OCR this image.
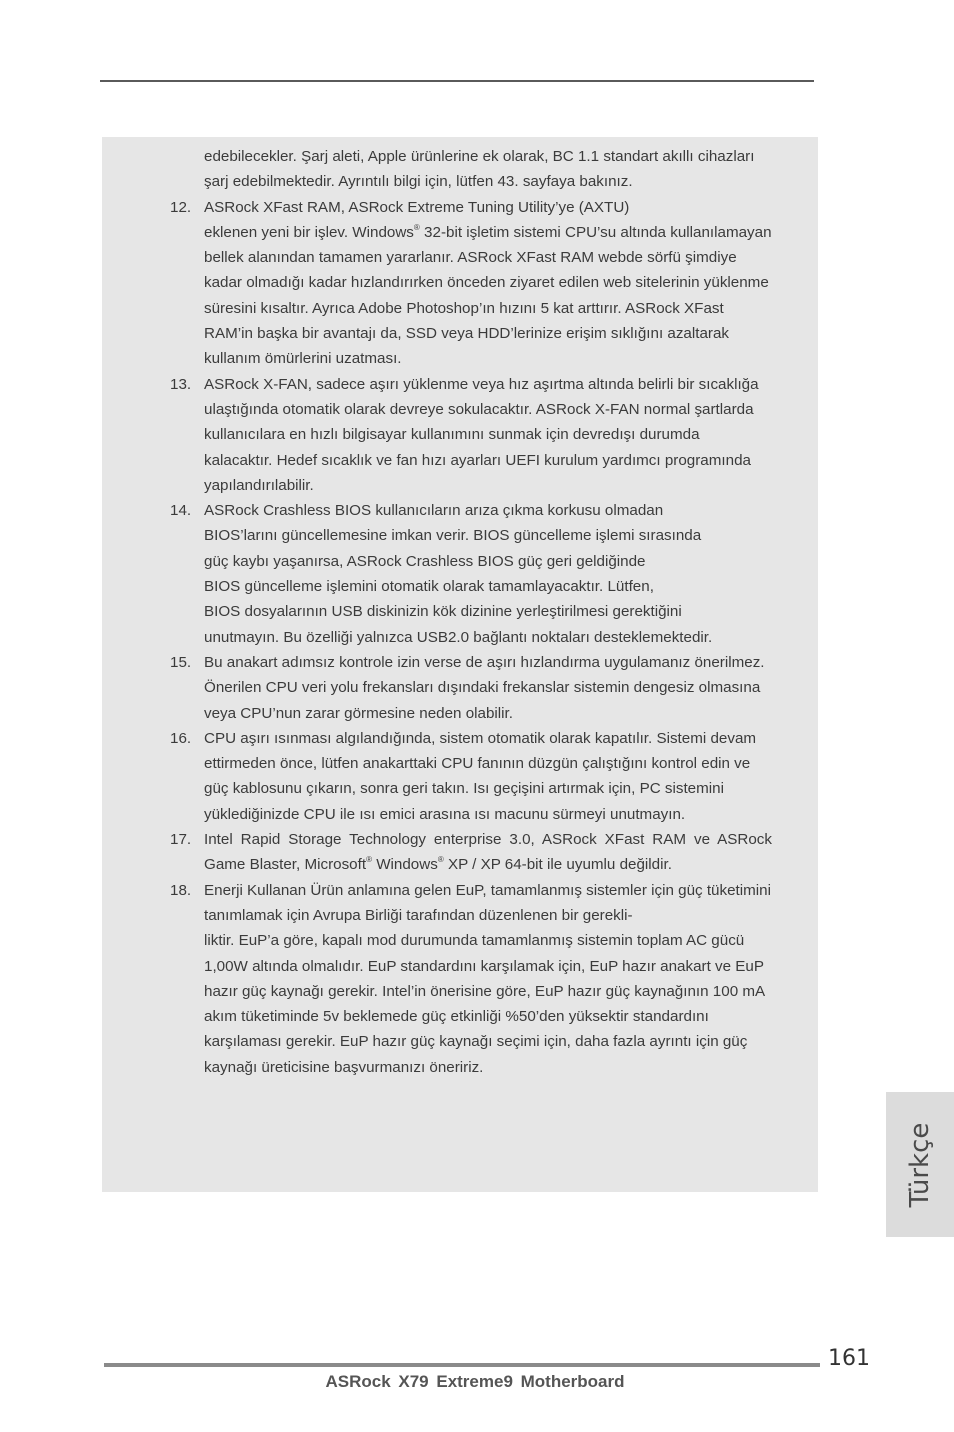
edebilecekler. Şarj aleti, Apple ürünlerine ek olarak, BC 1.1 standart akıllı cihazları şarj edebilmektedir. Ayrıntılı bilgi için, lütfen 43. sayfaya bakınız.
12. ASRock XFast RAM, ASRock Extreme Tuning Utility’ye (AXTU)
eklenen yeni bir işlev. Windows® 32-bit işletim sistemi CPU’su altında kullanılamayan bellek alanından tamamen yararlanır. ASRock XFast RAM webde sörfü şimdiye kadar olmadığı kadar hızlandırırken önceden ziyaret edilen web sitelerinin yüklenme süresini kısaltır. Ayrıca Adobe Photoshop’ın hızını 5 kat arttırır. ASRock XFast RAM’in başka bir avantajı da, SSD veya HDD’lerinize erişim sıklığını azaltarak kullanım ömürlerini uzatması.
13. ASRock X-FAN, sadece aşırı yüklenme veya hız aşırtma altında belirli bir sıcaklığa ulaştığında otomatik olarak devreye sokulacaktır. ASRock X-FAN normal şartlarda kullanıcılara en hızlı bilgisayar kullanımını sunmak için devredışı durumda kalacaktır. Hedef sıcaklık ve fan hızı ayarları UEFI kurulum yardımcı programında yapılandırılabilir.
14. ASRock Crashless BIOS kullanıcıların arıza çıkma korkusu olmadan
BIOS’larını güncellemesine imkan verir. BIOS güncelleme işlemi sırasında
güç kaybı yaşanırsa, ASRock Crashless BIOS güç geri geldiğinde
BIOS güncelleme işlemini otomatik olarak tamamlayacaktır. Lütfen,
BIOS dosyalarının USB diskinizin kök dizinine yerleştirilmesi gerektiğini
unutmayın. Bu özelliği yalnızca USB2.0 bağlantı noktaları desteklemektedir.
15. Bu anakart adımsız kontrole izin verse de aşırı hızlandırma uygulamanız önerilmez. Önerilen CPU veri yolu frekansları dışındaki frekanslar sistemin dengesiz olmasına veya CPU’nun zarar görmesine neden olabilir.
16. CPU aşırı ısınması algılandığında, sistem otomatik olarak kapatılır. Sistemi devam ettirmeden önce, lütfen anakarttaki CPU fanının düzgün çalıştığını kontrol edin ve güç kablosunu çıkarın, sonra geri takın. Isı geçişini artırmak için, PC sistemini yüklediğinizde CPU ile ısı emici arasına ısı macunu sürmeyi unutmayın.
17. Intel Rapid Storage Technology enterprise 3.0, ASRock XFast RAM ve ASRock Game Blaster, Microsoft® Windows® XP / XP 64-bit ile uyumlu değildir.
18. Enerji Kullanan Ürün anlamına gelen EuP, tamamlanmış sistemler için güç tüketimini tanımlamak için Avrupa Birliği tarafından düzenlenen bir gerekli-
liktir. EuP’a göre, kapalı mod durumunda tamamlanmış sistemin toplam AC gücü 1,00W altında olmalıdır. EuP standardını karşılamak için, EuP hazır anakart ve EuP hazır güç kaynağı gerekir. Intel’in önerisine göre, EuP hazır güç kaynağının 100 mA akım tüketiminde 5v beklemede güç etkinliği %50’den yüksektir standardını karşılaması gerekir. EuP hazır güç kaynağı seçimi için, daha fazla ayrıntı için güç kaynağı üreticisine başvurmanızı öneririz.
Türkçe
161
ASRock X79 Extreme9 Motherboard
